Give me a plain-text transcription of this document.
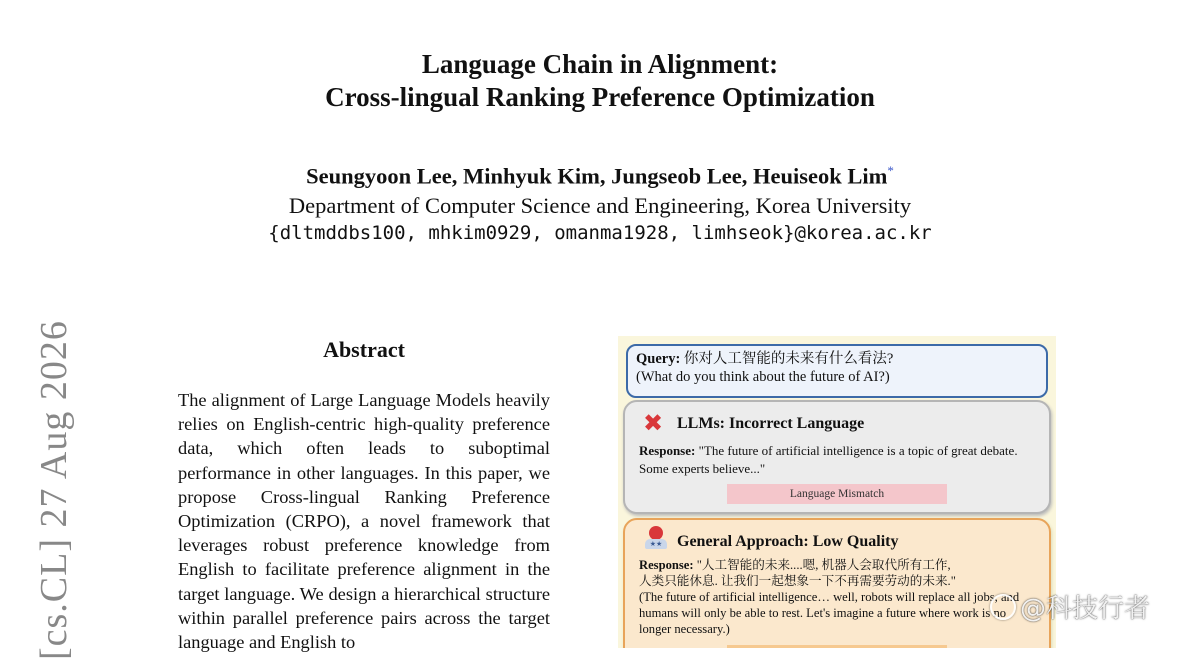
Language Chain in Alignment:
Cross-lingual Ranking Preference Optimization
Seungyoon Lee, Minhyuk Kim, Jungseob Lee, Heuiseok Lim*
Department of Computer Science and Engineering, Korea University
{dltmddbs100, mhkim0929, omanma1928, limhseok}@korea.ac.kr
[cs.CL] 27 Aug 2026	Abstract
The alignment of Large Language Models heavily relies on English-centric high-quality preference data, which often leads to suboptimal performance in other languages. In this paper, we propose Cross-lingual Ranking Preference Optimization (CRPO), a novel framework that leverages robust preference knowledge from English to facilitate preference alignment in the target language. We design a hierarchical structure within parallel preference pairs across the target language and English to
Query: 你对人工智能的未来有什么看法?
(What do you think about the future of AI?)
✖ LLMs: Incorrect Language
Response: "The future of artificial intelligence is a topic of great debate. Some experts believe..."
Language Mismatch
★★ General Approach: Low Quality
Response: "人工智能的未来....嗯, 机器人会取代所有工作,
人类只能休息. 让我们一起想象一下不再需要劳动的未来."
(The future of artificial intelligence… well, robots will replace all jobs, and humans will only be able to rest. Let's imagine a future where work is no longer necessary.)
@科技行者
